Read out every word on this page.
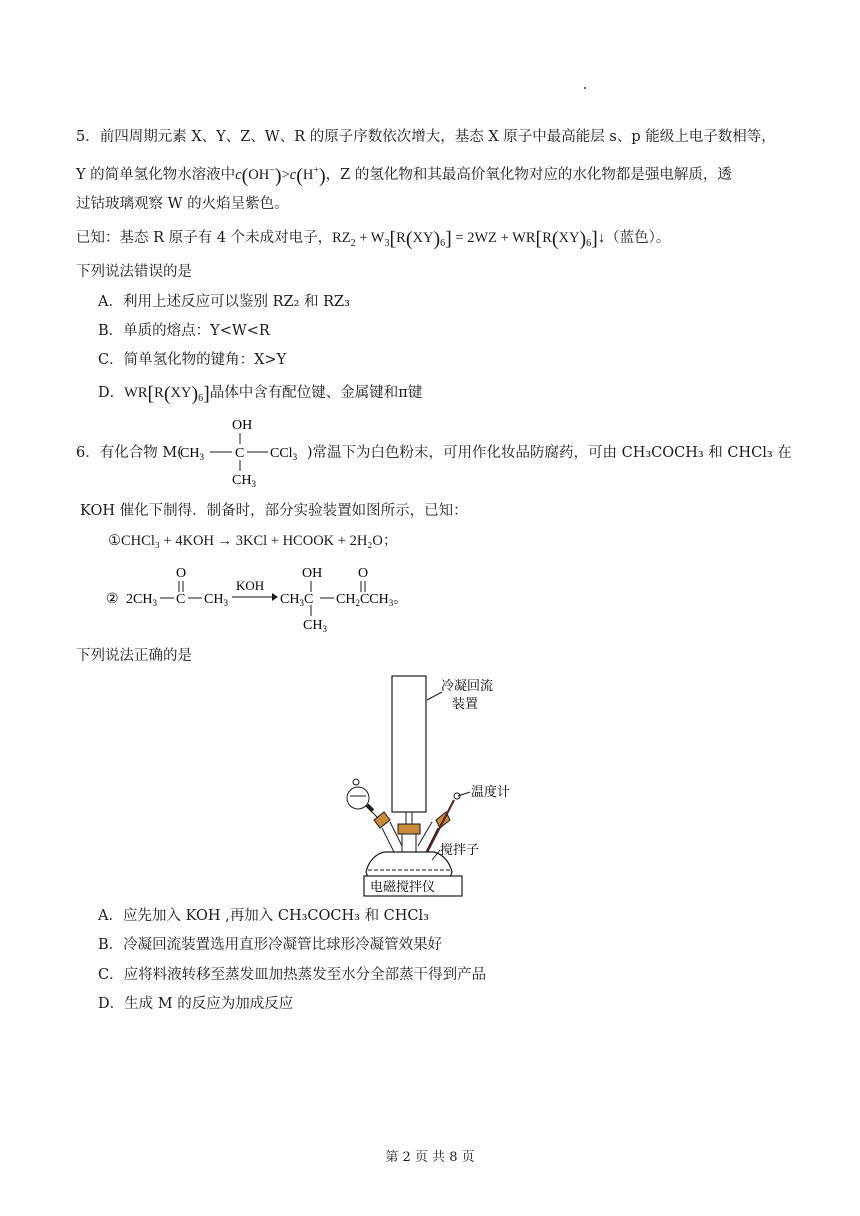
5．前四周期元素 X、Y、Z、W、R 的原子序数依次增大，基态 X 原子中最高能层 s、p 能级上电子数相等，
Y 的简单氢化物水溶液中c(OH−)>c(H+)，Z 的氢化物和其最高价氧化物对应的水化物都是强电解质，透
过钴玻璃观察 W 的火焰呈紫色。
已知：基态 R 原子有 4 个未成对电子，$RZ_2 + W_3[R(XY)_6] = 2WZ$ + $WR[R(XY)_6]↓$（蓝色）。
下列说法错误的是
A．利用上述反应可以鉴别 RZ₂ 和 RZ₃
B．单质的熔点：Y<W<R
C．简单氢化物的键角：X>Y
D．$WR[R(XY)_6]$晶体中含有配位键、金属键和π键
6．有化合物 M(	)常温下为白色粉末，可用作化妆品防腐药，可由 CH₃COCH₃ 和 CHCl₃ 在
OH
$CH_3$ C CCl$_3$
$CH_3$
KOH 催化下制得．制备时，部分实验装置如图所示，已知：
①CHCl₃ + 4KOH → 3KCl + HCOOK + 2H₂O；
② $2CH_3$ C
O
$CH_3$
KOH
$CH_3C$
OH
$CH_3$
$CH_2CCH_3$。
O
下列说法正确的是
冷凝回流
装置
温度计
搅拌子
电磁搅拌仪
A．应先加入 KOH ,再加入 CH₃COCH₃ 和 CHCl₃
B．冷凝回流装置选用直形冷凝管比球形冷凝管效果好
C．应将料液转移至蒸发皿加热蒸发至水分全部蒸干得到产品
D．生成 M 的反应为加成反应
第 2 页 共 8 页
